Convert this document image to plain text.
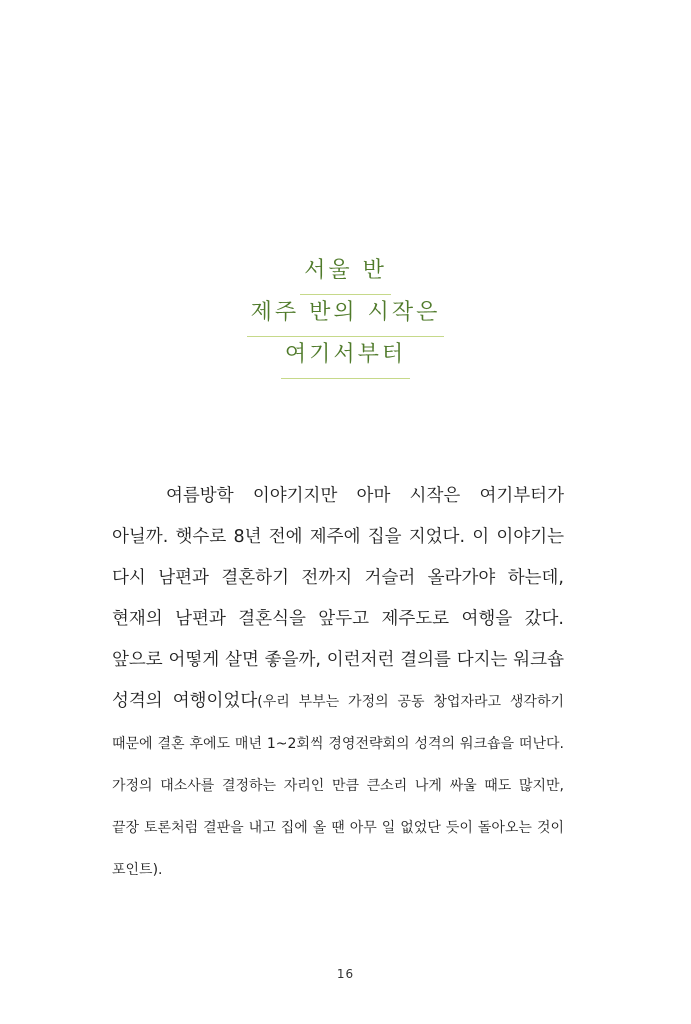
서울 반
제주 반의 시작은
여기서부터
여름방학 이야기지만 아마 시작은 여기부터가 아닐까. 햇수로 8년 전에 제주에 집을 지었다. 이 이야기는 다시 남편과 결혼하기 전까지 거슬러 올라가야 하는데, 현재의 남편과 결혼식을 앞두고 제주도로 여행을 갔다. 앞으로 어떻게 살면 좋을까, 이런저런 결의를 다지는 워크숍 성격의 여행이었다(우리 부부는 가정의 공동 창업자라고 생각하기 때문에 결혼 후에도 매년 1~2회씩 경영전략회의 성격의 워크숍을 떠난다. 가정의 대소사를 결정하는 자리인 만큼 큰소리 나게 싸울 때도 많지만, 끝장 토론처럼 결판을 내고 집에 올 땐 아무 일 없었단 듯이 돌아오는 것이 포인트).
16
